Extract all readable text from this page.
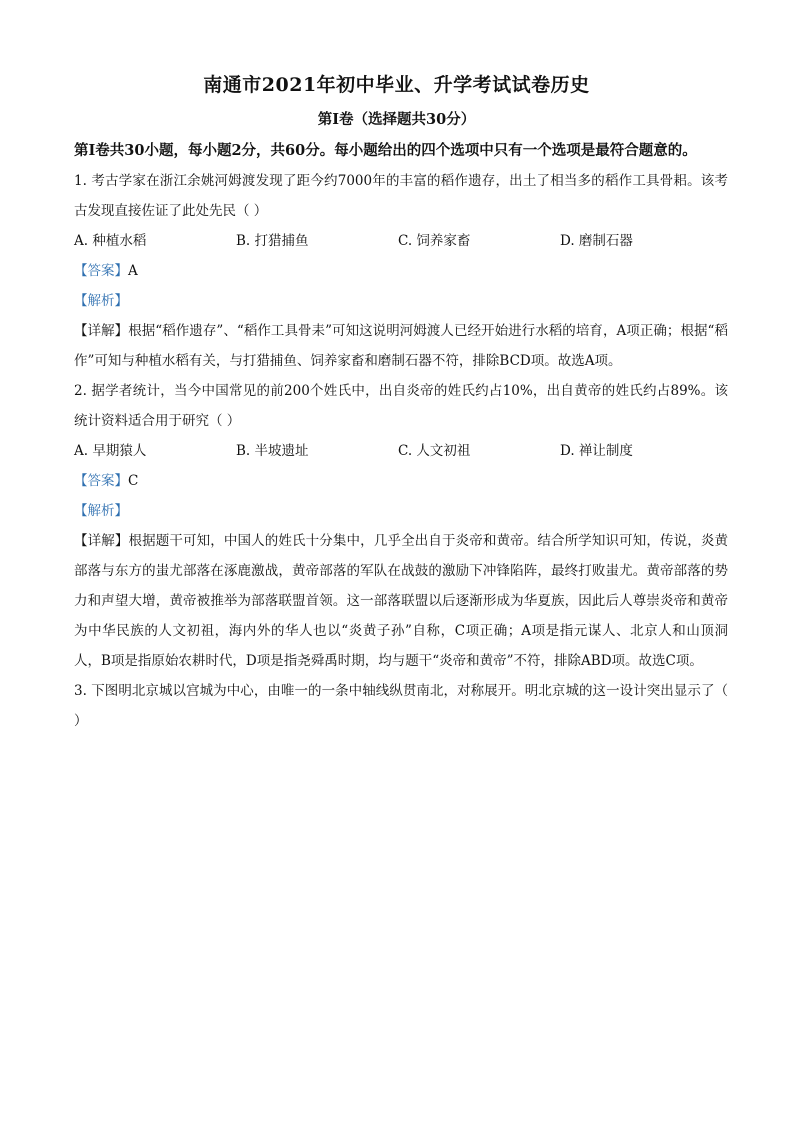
南通市2021年初中毕业、升学考试试卷历史
第Ⅰ卷（选择题共30分）

第Ⅰ卷共30小题，每小题2分，共60分。每小题给出的四个选项中只有一个选项是最符合题意的。

1. 考古学家在浙江余姚河姆渡发现了距今约7000年的丰富的稻作遗存，出土了相当多的稻作工具骨耜。该考古发现直接佐证了此处先民（ ）

A. 种植水稻	B. 打猎捕鱼	C. 饲养家畜	D. 磨制石器
【答案】A
【解析】

【详解】根据“稻作遗存”、“稻作工具骨耒”可知这说明河姆渡人已经开始进行水稻的培育，A项正确；根据“稻作”可知与种植水稻有关，与打猎捕鱼、饲养家畜和磨制石器不符，排除BCD项。故选A项。

2. 据学者统计，当今中国常见的前200个姓氏中，出自炎帝的姓氏约占10%，出自黄帝的姓氏约占89%。该统计资料适合用于研究（ ）

A. 早期猿人	B. 半坡遗址	C. 人文初祖	D. 禅让制度
【答案】C
【解析】

【详解】根据题干可知，中国人的姓氏十分集中，几乎全出自于炎帝和黄帝。结合所学知识可知，传说，炎黄部落与东方的蚩尤部落在涿鹿激战，黄帝部落的军队在战鼓的激励下冲锋陷阵，最终打败蚩尤。黄帝部落的势力和声望大增，黄帝被推举为部落联盟首领。这一部落联盟以后逐渐形成为华夏族，因此后人尊崇炎帝和黄帝为中华民族的人文初祖，海内外的华人也以“炎黄子孙”自称，C项正确；A项是指元谋人、北京人和山顶洞人，B项是指原始农耕时代，D项是指尧舜禹时期，均与题干“炎帝和黄帝”不符，排除ABD项。故选C项。

3. 下图明北京城以宫城为中心，由唯一的一条中轴线纵贯南北，对称展开。明北京城的这一设计突出显示了（ ）
